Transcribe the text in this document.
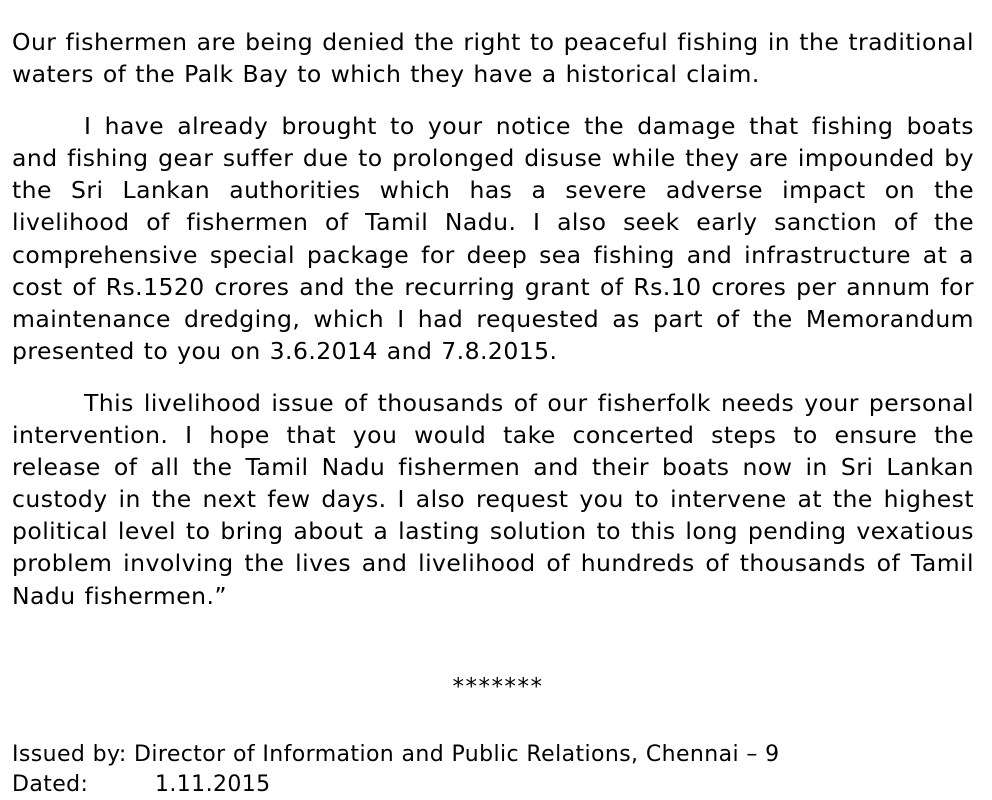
Our fishermen are being denied the right to peaceful fishing in the traditional waters of the Palk Bay to which they have a historical claim.

I have already brought to your notice the damage that fishing boats and fishing gear suffer due to prolonged disuse while they are impounded by the Sri Lankan authorities which has a severe adverse impact on the livelihood of fishermen of Tamil Nadu. I also seek early sanction of the comprehensive special package for deep sea fishing and infrastructure at a cost of Rs.1520 crores and the recurring grant of Rs.10 crores per annum for maintenance dredging, which I had requested as part of the Memorandum presented to you on 3.6.2014 and 7.8.2015.

This livelihood issue of thousands of our fisherfolk needs your personal intervention. I hope that you would take concerted steps to ensure the release of all the Tamil Nadu fishermen and their boats now in Sri Lankan custody in the next few days. I also request you to intervene at the highest political level to bring about a lasting solution to this long pending vexatious problem involving the lives and livelihood of hundreds of thousands of Tamil Nadu fishermen.”

*******
Issued by: Director of Information and Public Relations, Chennai – 9
Dated:	1.11.2015
